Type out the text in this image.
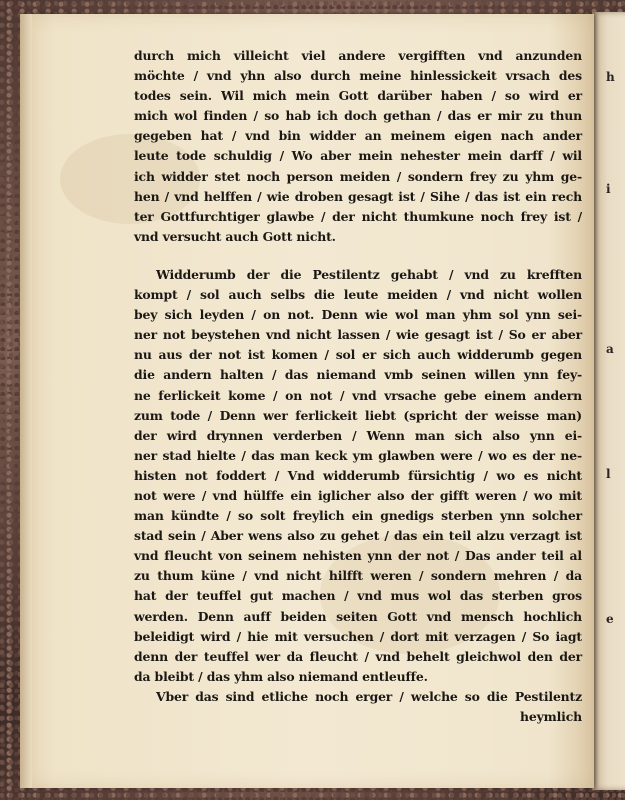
h
i
a
l
e
durch mich villeicht viel andere vergifften vnd anzunden
möchte / vnd yhn also durch meine hinlessickeit vrsach des
todes sein. Wil mich mein Gott darüber haben / so wird er
mich wol finden / so hab ich doch gethan / das er mir zu thun
gegeben hat / vnd bin widder an meinem eigen nach ander
leute tode schuldig / Wo aber mein nehester mein darff / wil
ich widder stet noch person meiden / sondern frey zu yhm ge-
hen / vnd helffen / wie droben gesagt ist / Sihe / das ist ein rech
ter Gottfurchtiger glawbe / der nicht thumkune noch frey ist /
vnd versucht auch Gott nicht.
Widderumb der die Pestilentz gehabt / vnd zu krefften
kompt / sol auch selbs die leute meiden / vnd nicht wollen
bey sich leyden / on not. Denn wie wol man yhm sol ynn sei-
ner not beystehen vnd nicht lassen / wie gesagt ist / So er aber
nu aus der not ist komen / sol er sich auch widderumb gegen
die andern halten / das niemand vmb seinen willen ynn fey-
ne ferlickeit kome / on not / vnd vrsache gebe einem andern
zum tode / Denn wer ferlickeit liebt (spricht der weisse man)
der wird drynnen verderben / Wenn man sich also ynn ei-
ner stad hielte / das man keck ym glawben were / wo es der ne-
histen not foddert / Vnd widderumb fürsichtig / wo es nicht
not were / vnd hülffe ein iglicher also der gifft weren / wo mit
man kündte / so solt freylich ein gnedigs sterben ynn solcher
stad sein / Aber wens also zu gehet / das ein teil alzu verzagt ist
vnd fleucht von seinem nehisten ynn der not / Das ander teil al
zu thum küne / vnd nicht hilfft weren / sondern mehren / da
hat der teuffel gut machen / vnd mus wol das sterben gros
werden. Denn auff beiden seiten Gott vnd mensch hochlich
beleidigt wird / hie mit versuchen / dort mit verzagen / So iagt
denn der teuffel wer da fleucht / vnd behelt gleichwol den der
da bleibt / das yhm also niemand entleuffe.
Vber das sind etliche noch erger / welche so die Pestilentz
heymlich
